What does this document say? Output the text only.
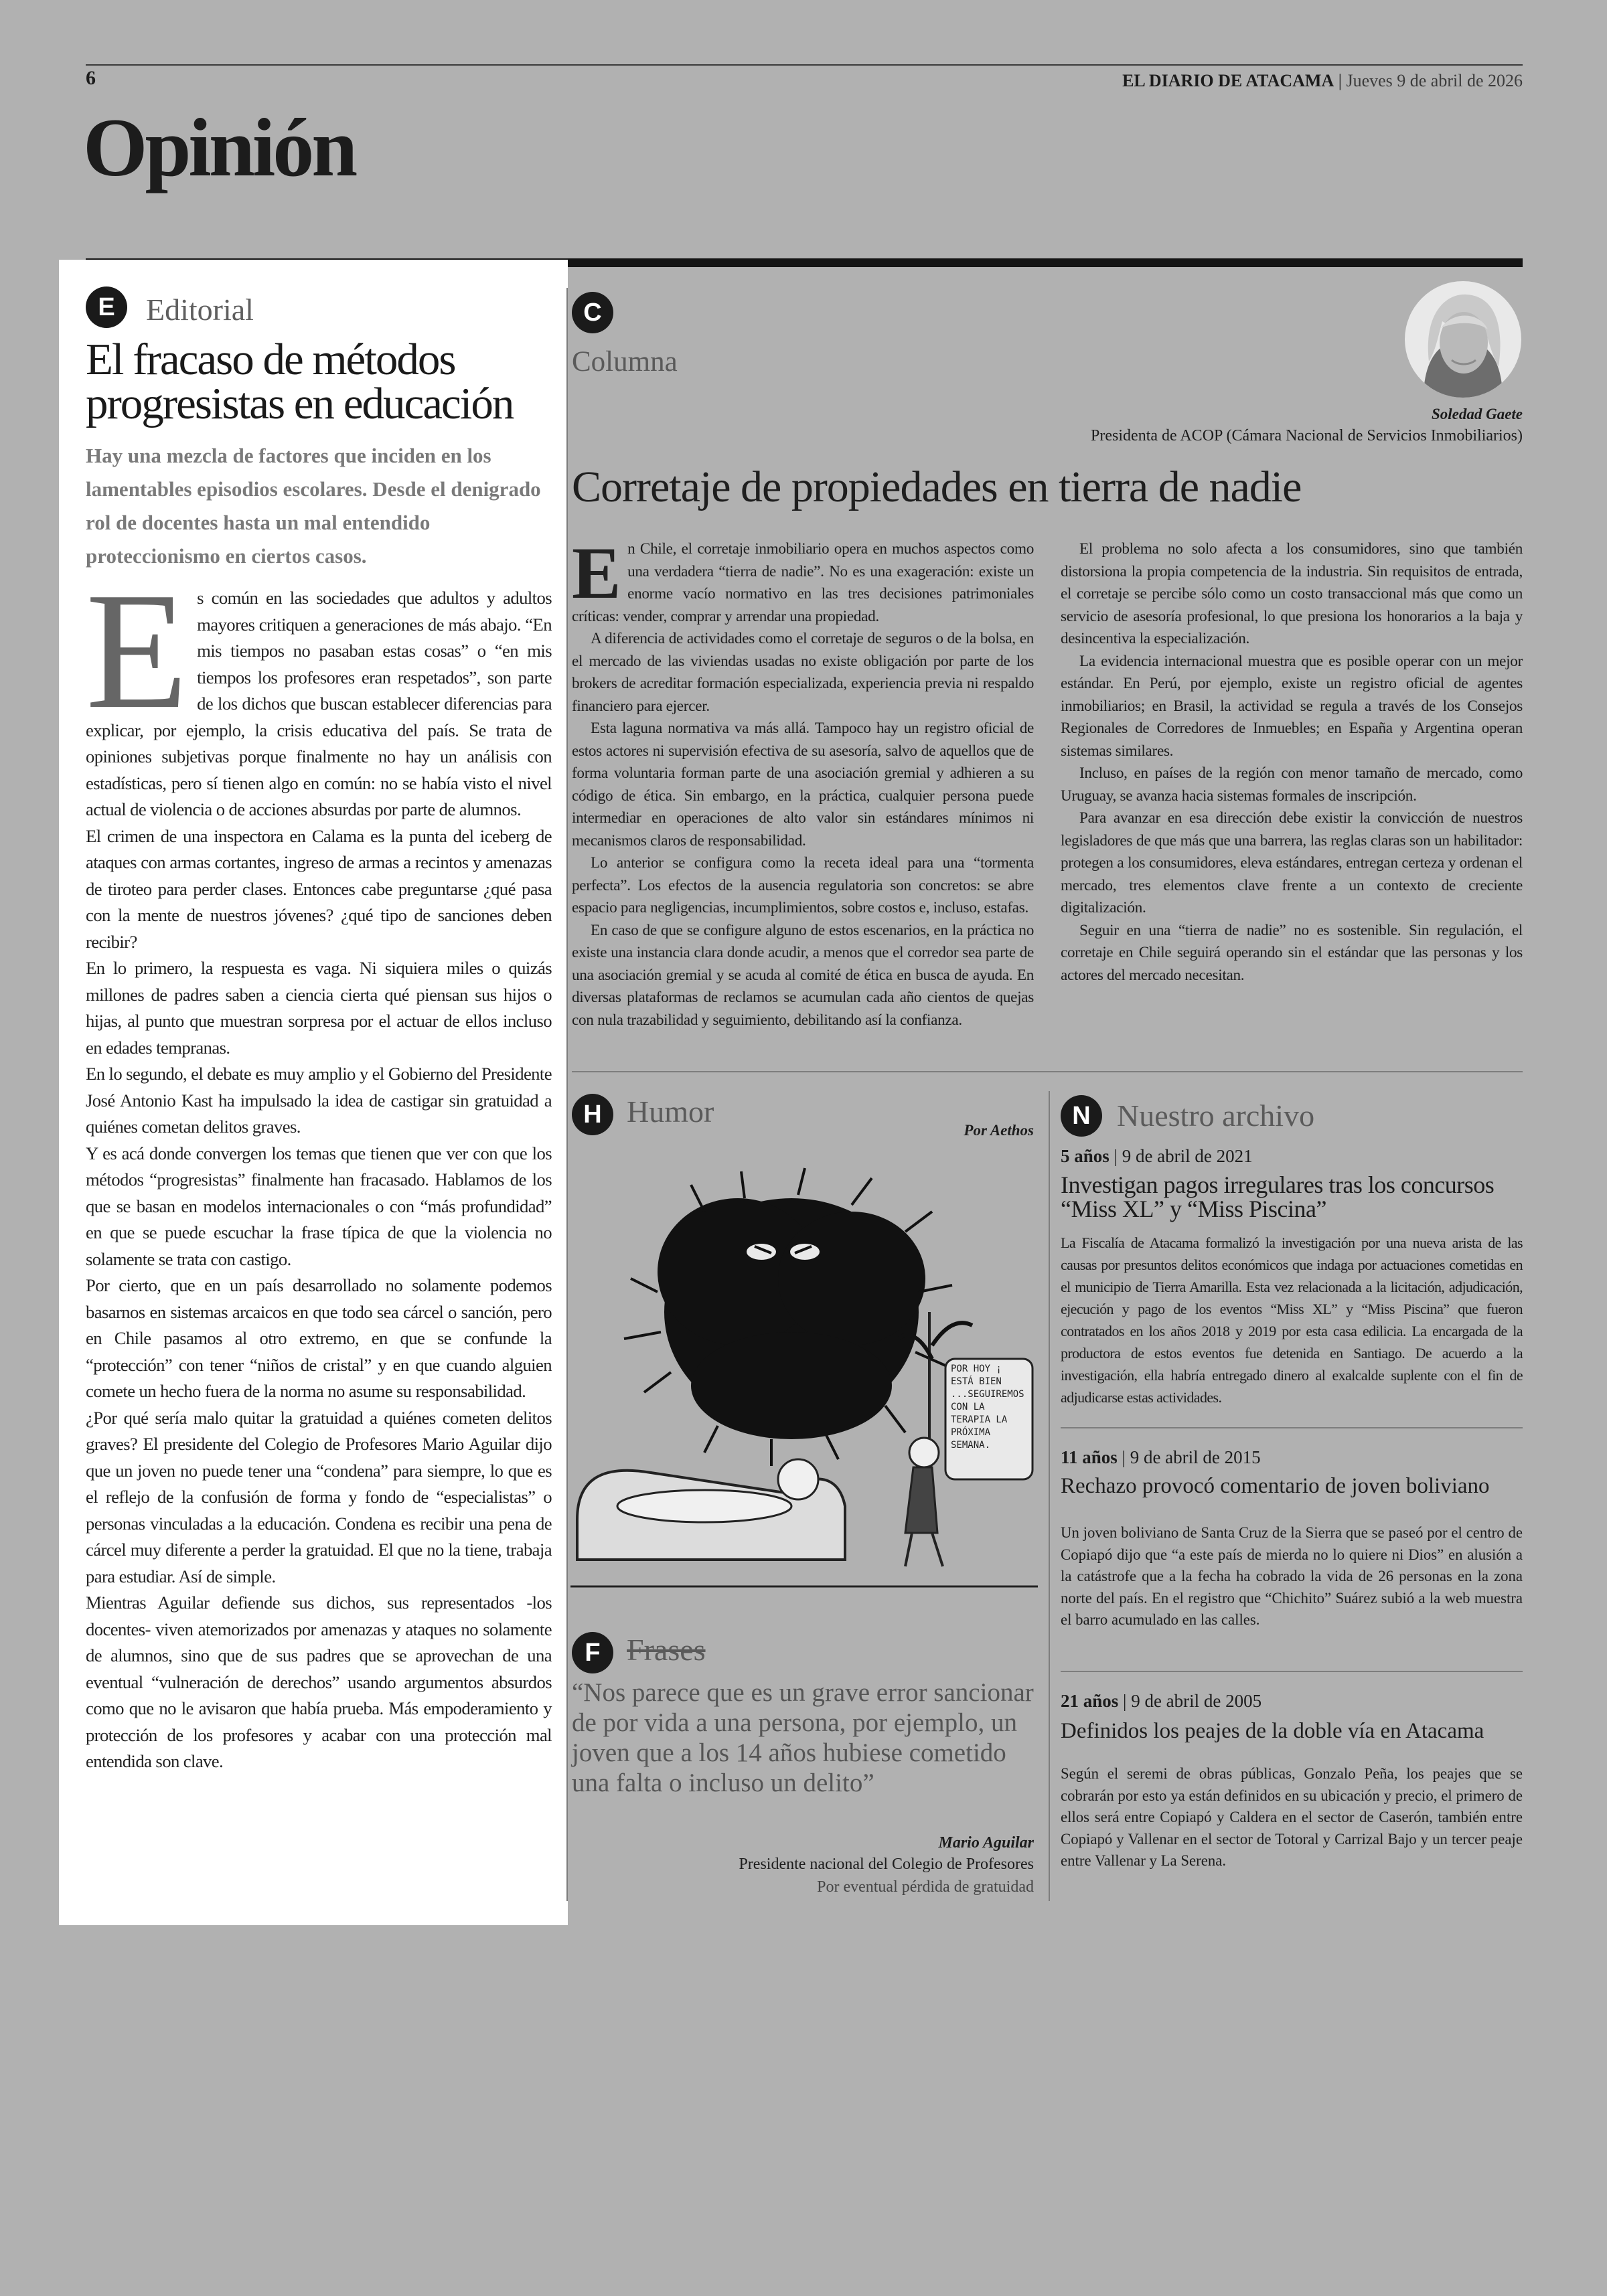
6	EL DIARIO DE ATACAMA | Jueves 9 de abril de 2026
Opinión
E	Editorial
El fracaso de métodos progresistas en educación
Hay una mezcla de factores que inciden en los lamentables episodios escolares. Desde el denigrado rol de docentes hasta un mal entendido proteccionismo en ciertos casos.

Es común en las sociedades que adultos y adultos mayores critiquen a generaciones de más abajo. “En mis tiempos no pasaban estas cosas” o “en mis tiempos los profesores eran respetados”, son parte de los dichos que buscan establecer diferencias para explicar, por ejemplo, la crisis educativa del país. Se trata de opiniones subjetivas porque finalmente no hay un análisis con estadísticas, pero sí tienen algo en común: no se había visto el nivel actual de violencia o de acciones absurdas por parte de alumnos.

El crimen de una inspectora en Calama es la punta del iceberg de ataques con armas cortantes, ingreso de armas a recintos y amenazas de tiroteo para perder clases. Entonces cabe preguntarse ¿qué pasa con la mente de nuestros jóvenes? ¿qué tipo de sanciones deben recibir?

En lo primero, la respuesta es vaga. Ni siquiera miles o quizás millones de padres saben a ciencia cierta qué piensan sus hijos o hijas, al punto que muestran sorpresa por el actuar de ellos incluso en edades tempranas.

En lo segundo, el debate es muy amplio y el Gobierno del Presidente José Antonio Kast ha impulsado la idea de castigar sin gratuidad a quiénes cometan delitos graves.

Y es acá donde convergen los temas que tienen que ver con que los métodos “progresistas” finalmente han fracasado. Hablamos de los que se basan en modelos internacionales o con “más profundidad” en que se puede escuchar la frase típica de que la violencia no solamente se trata con castigo.

Por cierto, que en un país desarrollado no solamente podemos basarnos en sistemas arcaicos en que todo sea cárcel o sanción, pero en Chile pasamos al otro extremo, en que se confunde la “protección” con tener “niños de cristal” y en que cuando alguien comete un hecho fuera de la norma no asume su responsabilidad.

¿Por qué sería malo quitar la gratuidad a quiénes cometen delitos graves? El presidente del Colegio de Profesores Mario Aguilar dijo que un joven no puede tener una “condena” para siempre, lo que es el reflejo de la confusión de forma y fondo de “especialistas” o personas vinculadas a la educación. Condena es recibir una pena de cárcel muy diferente a perder la gratuidad. El que no la tiene, trabaja para estudiar. Así de simple.

Mientras Aguilar defiende sus dichos, sus representados -los docentes- viven atemorizados por amenazas y ataques no solamente de alumnos, sino que de sus padres que se aprovechan de una eventual “vulneración de derechos” usando argumentos absurdos como que no le avisaron que había prueba. Más empoderamiento y protección de los profesores y acabar con una protección mal entendida son clave.

C
Columna
Soledad Gaete
Presidenta de ACOP (Cámara Nacional de Servicios Inmobiliarios)
Corretaje de propiedades en tierra de nadie

En Chile, el corretaje inmobiliario opera en muchos aspectos como una verdadera “tierra de nadie”. No es una exageración: existe un enorme vacío normativo en las tres decisiones patrimoniales críticas: vender, comprar y arrendar una propiedad.

A diferencia de actividades como el corretaje de seguros o de la bolsa, en el mercado de las viviendas usadas no existe obligación por parte de los brokers de acreditar formación especializada, experiencia previa ni respaldo financiero para ejercer.

Esta laguna normativa va más allá. Tampoco hay un registro oficial de estos actores ni supervisión efectiva de su asesoría, salvo de aquellos que de forma voluntaria forman parte de una asociación gremial y adhieren a su código de ética. Sin embargo, en la práctica, cualquier persona puede intermediar en operaciones de alto valor sin estándares mínimos ni mecanismos claros de responsabilidad.

Lo anterior se configura como la receta ideal para una “tormenta perfecta”. Los efectos de la ausencia regulatoria son concretos: se abre espacio para negligencias, incumplimientos, sobre costos e, incluso, estafas.

En caso de que se configure alguno de estos escenarios, en la práctica no existe una instancia clara donde acudir, a menos que el corredor sea parte de una asociación gremial y se acuda al comité de ética en busca de ayuda. En diversas plataformas de reclamos se acumulan cada año cientos de quejas con nula trazabilidad y seguimiento, debilitando así la confianza.

El problema no solo afecta a los consumidores, sino que también distorsiona la propia competencia de la industria. Sin requisitos de entrada, el corretaje se percibe sólo como un costo transaccional más que como un servicio de asesoría profesional, lo que presiona los honorarios a la baja y desincentiva la especialización.

La evidencia internacional muestra que es posible operar con un mejor estándar. En Perú, por ejemplo, existe un registro oficial de agentes inmobiliarios; en Brasil, la actividad se regula a través de los Consejos Regionales de Corredores de Inmuebles; en España y Argentina operan sistemas similares.

Incluso, en países de la región con menor tamaño de mercado, como Uruguay, se avanza hacia sistemas formales de inscripción.

Para avanzar en esa dirección debe existir la convicción de nuestros legisladores de que más que una barrera, las reglas claras son un habilitador: protegen a los consumidores, eleva estándares, entregan certeza y ordenan el mercado, tres elementos clave frente a un contexto de creciente digitalización.

Seguir en una “tierra de nadie” no es sostenible. Sin regulación, el corretaje en Chile seguirá operando sin el estándar que las personas y los actores del mercado necesitan.

H Humor
Por Aethos
POR HOY ¡
ESTÁ BIEN
...SEGUIREMOS
CON LA
TERAPIA LA
PRÓXIMA
SEMANA.
F Frases
“Nos parece que es un grave error sancionar de por vida a una persona, por ejemplo, un joven que a los 14 años hubiese cometido una falta o incluso un delito”
Mario Aguilar
Presidente nacional del Colegio de Profesores
Por eventual pérdida de gratuidad
N Nuestro archivo
5 años | 9 de abril de 2021
Investigan pagos irregulares tras los concursos “Miss XL” y “Miss Piscina”
La Fiscalía de Atacama formalizó la investigación por una nueva arista de las causas por presuntos delitos económicos que indaga por actuaciones cometidas en el municipio de Tierra Amarilla. Esta vez relacionada a la licitación, adjudicación, ejecución y pago de los eventos “Miss XL” y “Miss Piscina” que fueron contratados en los años 2018 y 2019 por esta casa edilicia. La encargada de la productora de estos eventos fue detenida en Santiago. De acuerdo a la investigación, ella habría entregado dinero al exalcalde suplente con el fin de adjudicarse estas actividades.
11 años | 9 de abril de 2015
Rechazo provocó comentario de joven boliviano
Un joven boliviano de Santa Cruz de la Sierra que se paseó por el centro de Copiapó dijo que “a este país de mierda no lo quiere ni Dios” en alusión a la catástrofe que a la fecha ha cobrado la vida de 26 personas en la zona norte del país. En el registro que “Chichito” Suárez subió a la web muestra el barro acumulado en las calles.
21 años | 9 de abril de 2005
Definidos los peajes de la doble vía en Atacama
Según el seremi de obras públicas, Gonzalo Peña, los peajes que se cobrarán por esto ya están definidos en su ubicación y precio, el primero de ellos será entre Copiapó y Caldera en el sector de Caserón, también entre Copiapó y Vallenar en el sector de Totoral y Carrizal Bajo y un tercer peaje entre Vallenar y La Serena.
